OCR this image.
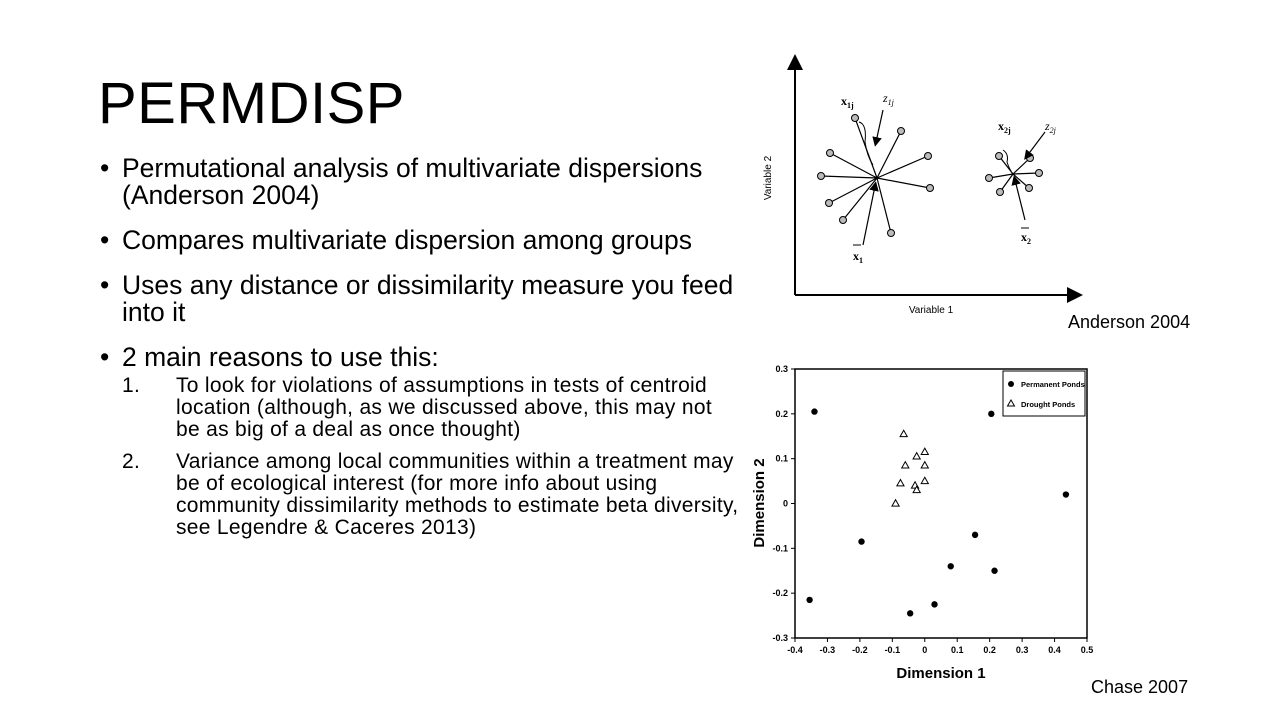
PERMDISP
• Permutational analysis of multivariate dispersions (Anderson 2004)
• Compares multivariate dispersion among groups
• Uses any distance or dissimilarity measure you feed into it
• 2 main reasons to use this:
1. To look for violations of assumptions in tests of centroid location (although, as we discussed above, this may not be as big of a deal as once thought)
2. Variance among local communities within a treatment may be of ecological interest (for more info about using community dissimilarity methods to estimate beta diversity, see Legendre & Caceres 2013)
Variable 2
Variable 1
$x_{1j}$
$z_{1j}$
$x_1$
$x_{2j}$	$z_{2j}$
$x_2$
Anderson 2004
-0.4 -0.3 -0.2 -0.1 0	0.1 0.2 0.3 0.4 0.5
0.3
0.2
0.1
0
-0.1
-0.2
-0.3
Permanent Ponds
Drought Ponds
Dimension 1
Dimension 2
Chase 2007
